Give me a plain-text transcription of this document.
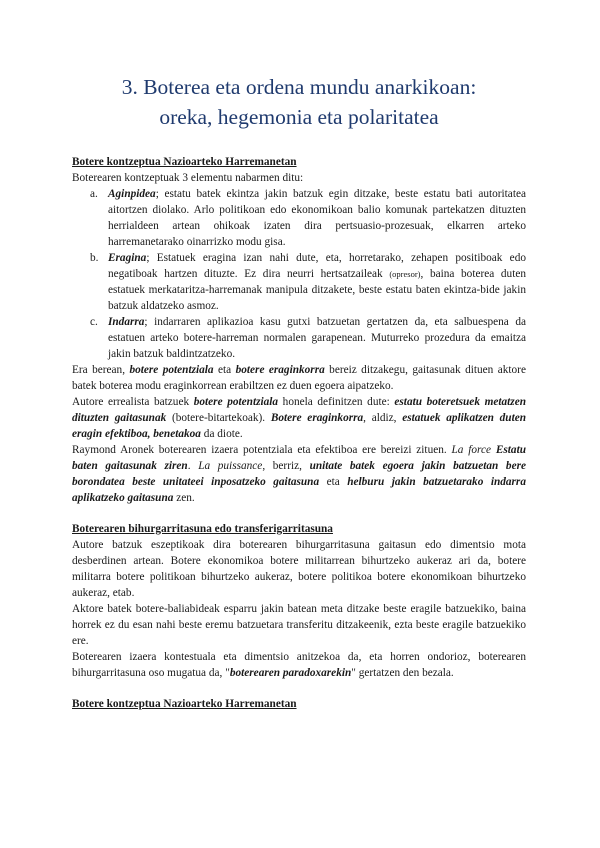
3. Boterea eta ordena mundu anarkikoan:
oreka, hegemonia eta polaritatea

Botere kontzeptua Nazioarteko Harremanetan

Boterearen kontzeptuak 3 elementu nabarmen ditu:

a. Aginpidea; estatu batek ekintza jakin batzuk egin ditzake, beste estatu bati autoritatea aitortzen diolako. Arlo politikoan edo ekonomikoan balio komunak partekatzen dituzten herrialdeen artean ohikoak izaten dira pertsuasio-prozesuak, elkarren arteko harremanetarako oinarrizko modu gisa.
b. Eragina; Estatuek eragina izan nahi dute, eta, horretarako, zehapen positiboak edo negatiboak hartzen dituzte. Ez dira neurri hertsatzaileak (opresor), baina boterea duten estatuek merkataritza-harremanak manipula ditzakete, beste estatu baten ekintza-bide jakin batzuk aldatzeko asmoz.
c. Indarra; indarraren aplikazioa kasu gutxi batzuetan gertatzen da, eta salbuespena da estatuen arteko botere-harreman normalen garapenean. Muturreko prozedura da emaitza jakin batzuk baldintzatzeko.

Era berean, botere potentziala eta botere eraginkorra bereiz ditzakegu, gaitasunak dituen aktore batek boterea modu eraginkorrean erabiltzen ez duen egoera aipatzeko.

Autore errealista batzuek botere potentziala honela definitzen dute: estatu boteretsuek metatzen dituzten gaitasunak (botere-bitartekoak). Botere eraginkorra, aldiz, estatuek aplikatzen duten eragin efektiboa, benetakoa da diote.

Raymond Aronek boterearen izaera potentziala eta efektiboa ere bereizi zituen. La force Estatu baten gaitasunak ziren. La puissance, berriz, unitate batek egoera jakin batzuetan bere borondatea beste unitateei inposatzeko gaitasuna eta helburu jakin batzuetarako indarra aplikatzeko gaitasuna zen.

Boterearen bihurgarritasuna edo transferigarritasuna

Autore batzuk eszeptikoak dira boterearen bihurgarritasuna gaitasun edo dimentsio mota desberdinen artean. Botere ekonomikoa botere militarrean bihurtzeko aukeraz ari da, botere militarra botere politikoan bihurtzeko aukeraz, botere politikoa botere ekonomikoan bihurtzeko aukeraz, etab.

Aktore batek botere-baliabideak esparru jakin batean meta ditzake beste eragile batzuekiko, baina horrek ez du esan nahi beste eremu batzuetara transferitu ditzakeenik, ezta beste eragile batzuekiko ere.

Boterearen izaera kontestuala eta dimentsio anitzekoa da, eta horren ondorioz, boterearen bihurgarritasuna oso mugatua da, "boterearen paradoxarekin" gertatzen den bezala.

Botere kontzeptua Nazioarteko Harremanetan
